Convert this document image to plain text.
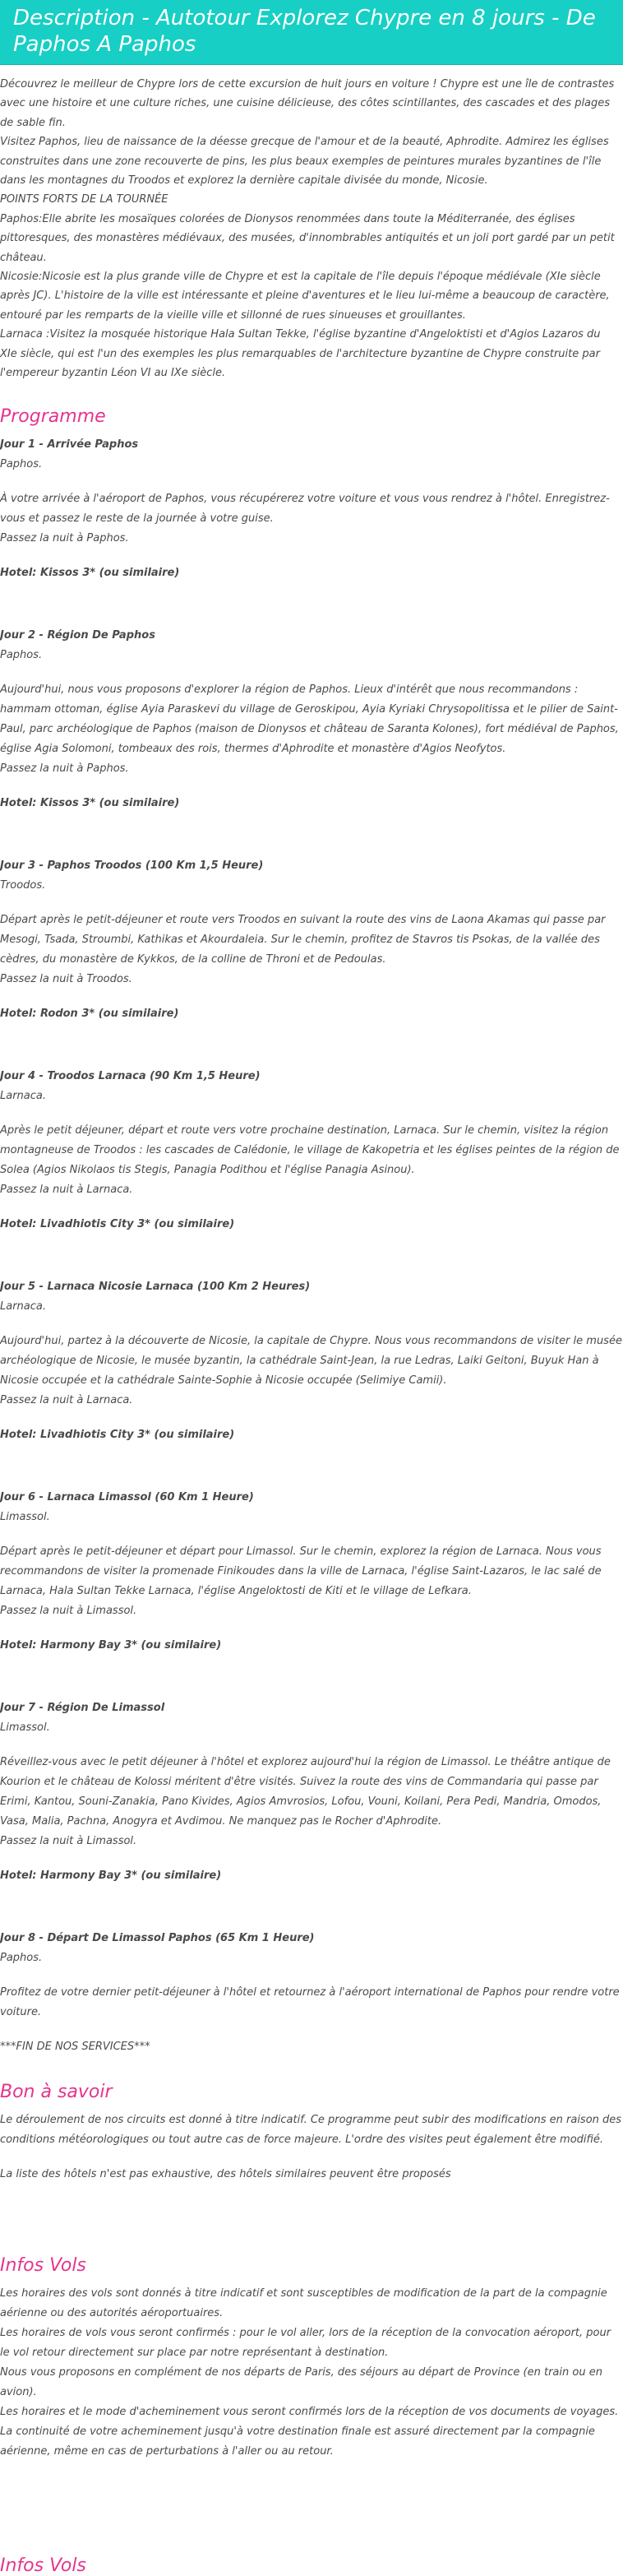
Description - Autotour Explorez Chypre en 8 jours - De Paphos A Paphos
Découvrez le meilleur de Chypre lors de cette excursion de huit jours en voiture ! Chypre est une île de contrastes avec une histoire et une culture riches, une cuisine délicieuse, des côtes scintillantes, des cascades et des plages de sable fin.
Visitez Paphos, lieu de naissance de la déesse grecque de l'amour et de la beauté, Aphrodite. Admirez les églises construites dans une zone recouverte de pins, les plus beaux exemples de peintures murales byzantines de l'île dans les montagnes du Troodos et explorez la dernière capitale divisée du monde, Nicosie.
POINTS FORTS DE LA TOURNÉE
Paphos:Elle abrite les mosaïques colorées de Dionysos renommées dans toute la Méditerranée, des églises pittoresques, des monastères médiévaux, des musées, d'innombrables antiquités et un joli port gardé par un petit château.
Nicosie:Nicosie est la plus grande ville de Chypre et est la capitale de l'île depuis l'époque médiévale (XIe siècle après JC). L'histoire de la ville est intéressante et pleine d'aventures et le lieu lui-même a beaucoup de caractère, entouré par les remparts de la vieille ville et sillonné de rues sinueuses et grouillantes.
Larnaca :Visitez la mosquée historique Hala Sultan Tekke, l'église byzantine d'Angeloktisti et d'Agios Lazaros du XIe siècle, qui est l'un des exemples les plus remarquables de l'architecture byzantine de Chypre construite par l'empereur byzantin Léon VI au IXe siècle.
Programme

Jour 1 - Arrivée Paphos

Paphos.

À votre arrivée à l'aéroport de Paphos, vous récupérerez votre voiture et vous vous rendrez à l'hôtel. Enregistrez-vous et passez le reste de la journée à votre guise.

Passez la nuit à Paphos.

Hotel: Kissos 3* (ou similaire)

Jour 2 - Région De Paphos

Paphos.

Aujourd'hui, nous vous proposons d'explorer la région de Paphos. Lieux d'intérêt que nous recommandons : hammam ottoman, église Ayia Paraskevi du village de Geroskipou, Ayia Kyriaki Chrysopolitissa et le pilier de Saint-Paul, parc archéologique de Paphos (maison de Dionysos et château de Saranta Kolones), fort médiéval de Paphos, église Agia Solomoni, tombeaux des rois, thermes d'Aphrodite et monastère d'Agios Neofytos.

Passez la nuit à Paphos.

Hotel: Kissos 3* (ou similaire)

Jour 3 - Paphos Troodos (100 Km 1,5 Heure)

Troodos.

Départ après le petit-déjeuner et route vers Troodos en suivant la route des vins de Laona Akamas qui passe par Mesogi, Tsada, Stroumbi, Kathikas et Akourdaleia. Sur le chemin, profitez de Stavros tis Psokas, de la vallée des cèdres, du monastère de Kykkos, de la colline de Throni et de Pedoulas.

Passez la nuit à Troodos.

Hotel: Rodon 3* (ou similaire)

Jour 4 - Troodos Larnaca (90 Km 1,5 Heure)

Larnaca.

Après le petit déjeuner, départ et route vers votre prochaine destination, Larnaca. Sur le chemin, visitez la région montagneuse de Troodos : les cascades de Calédonie, le village de Kakopetria et les églises peintes de la région de Solea (Agios Nikolaos tis Stegis, Panagia Podithou et l'église Panagia Asinou).

Passez la nuit à Larnaca.

Hotel: Livadhiotis City 3* (ou similaire)

Jour 5 - Larnaca Nicosie Larnaca (100 Km 2 Heures)

Larnaca.

Aujourd'hui, partez à la découverte de Nicosie, la capitale de Chypre. Nous vous recommandons de visiter le musée archéologique de Nicosie, le musée byzantin, la cathédrale Saint-Jean, la rue Ledras, Laiki Geitoni, Buyuk Han à Nicosie occupée et la cathédrale Sainte-Sophie à Nicosie occupée (Selimiye Camii).

Passez la nuit à Larnaca.

Hotel: Livadhiotis City 3* (ou similaire)

Jour 6 - Larnaca Limassol (60 Km 1 Heure)

Limassol.

Départ après le petit-déjeuner et départ pour Limassol. Sur le chemin, explorez la région de Larnaca. Nous vous recommandons de visiter la promenade Finikoudes dans la ville de Larnaca, l'église Saint-Lazaros, le lac salé de Larnaca, Hala Sultan Tekke Larnaca, l'église Angeloktosti de Kiti et le village de Lefkara.

Passez la nuit à Limassol.

Hotel: Harmony Bay 3* (ou similaire)

Jour 7 - Région De Limassol

Limassol.

Réveillez-vous avec le petit déjeuner à l'hôtel et explorez aujourd'hui la région de Limassol. Le théâtre antique de Kourion et le château de Kolossi méritent d'être visités. Suivez la route des vins de Commandaria qui passe par Erimi, Kantou, Souni-Zanakia, Pano Kivides, Agios Amvrosios, Lofou, Vouni, Koilani, Pera Pedi, Mandria, Omodos, Vasa, Malia, Pachna, Anogyra et Avdimou. Ne manquez pas le Rocher d'Aphrodite.

Passez la nuit à Limassol.

Hotel: Harmony Bay 3* (ou similaire)

Jour 8 - Départ De Limassol Paphos (65 Km 1 Heure)

Paphos.

Profitez de votre dernier petit-déjeuner à l'hôtel et retournez à l'aéroport international de Paphos pour rendre votre voiture.

***FIN DE NOS SERVICES***

Bon à savoir

Le déroulement de nos circuits est donné à titre indicatif. Ce programme peut subir des modifications en raison des conditions météorologiques ou tout autre cas de force majeure. L'ordre des visites peut également être modifié.

La liste des hôtels n'est pas exhaustive, des hôtels similaires peuvent être proposés

Infos Vols

Les horaires des vols sont donnés à titre indicatif et sont susceptibles de modification de la part de la compagnie aérienne ou des autorités aéroportuaires.

Les horaires de vols vous seront confirmés : pour le vol aller, lors de la réception de la convocation aéroport, pour le vol retour directement sur place par notre représentant à destination.

Nous vous proposons en complément de nos départs de Paris, des séjours au départ de Province (en train ou en avion).

Les horaires et le mode d'acheminement vous seront confirmés lors de la réception de vos documents de voyages.

La continuité de votre acheminement jusqu'à votre destination finale est assuré directement par la compagnie aérienne, même en cas de perturbations à l'aller ou au retour.

Infos Vols
